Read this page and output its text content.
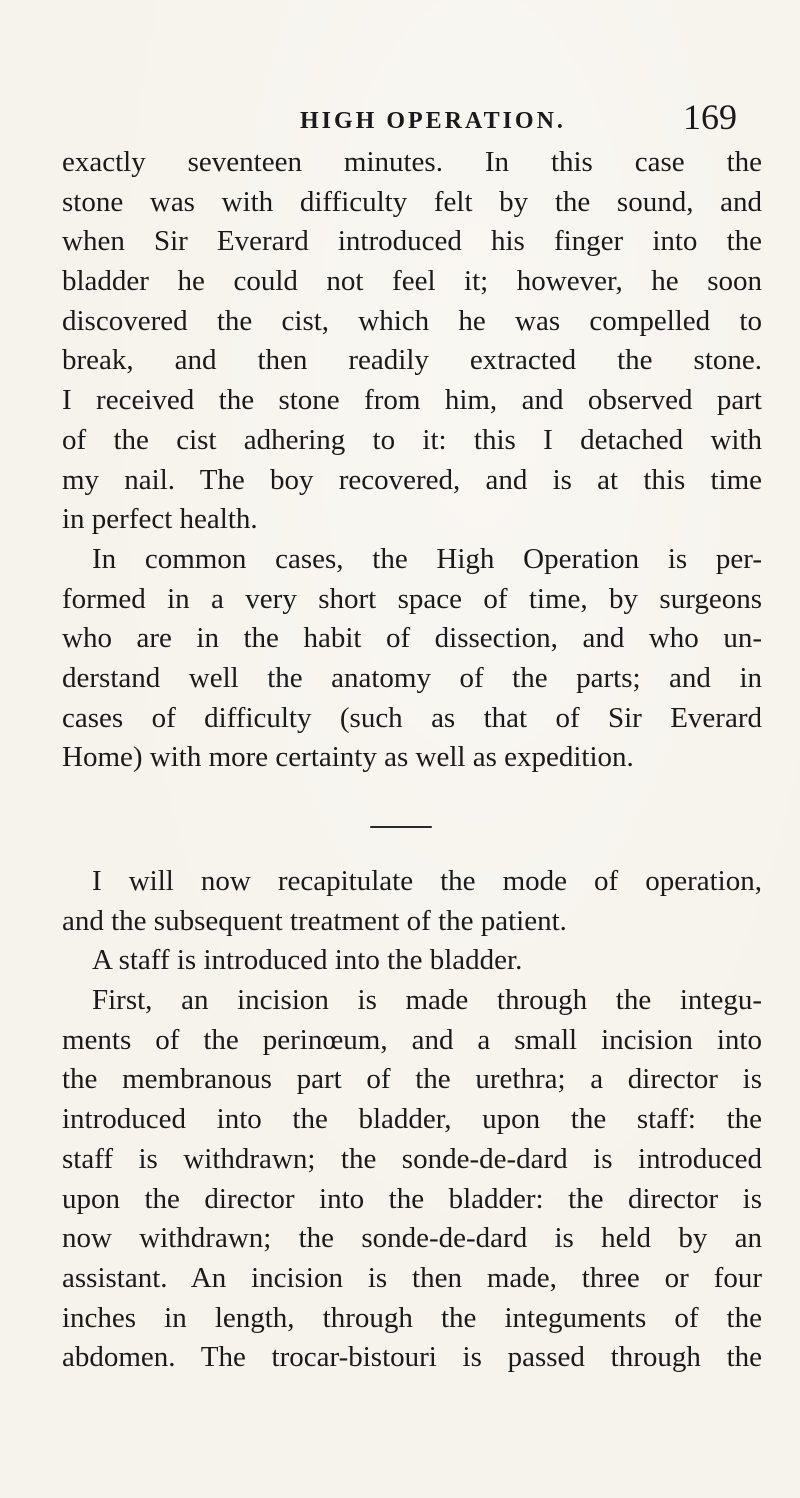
HIGH OPERATION.	169
exactly seventeen minutes. In this case the
stone was with difficulty felt by the sound, and
when Sir Everard introduced his finger into the
bladder he could not feel it; however, he soon
discovered the cist, which he was compelled to
break, and then readily extracted the stone.
I received the stone from him, and observed part
of the cist adhering to it: this I detached with
my nail. The boy recovered, and is at this time
in perfect health.
In common cases, the High Operation is per-
formed in a very short space of time, by surgeons
who are in the habit of dissection, and who un-
derstand well the anatomy of the parts; and in
cases of difficulty (such as that of Sir Everard
Home) with more certainty as well as expedition.
I will now recapitulate the mode of operation,
and the subsequent treatment of the patient.
A staff is introduced into the bladder.
First, an incision is made through the integu-
ments of the perinœum, and a small incision into
the membranous part of the urethra; a director is
introduced into the bladder, upon the staff: the
staff is withdrawn; the sonde-de-dard is introduced
upon the director into the bladder: the director is
now withdrawn; the sonde-de-dard is held by an
assistant. An incision is then made, three or four
inches in length, through the integuments of the
abdomen. The trocar-bistouri is passed through the
